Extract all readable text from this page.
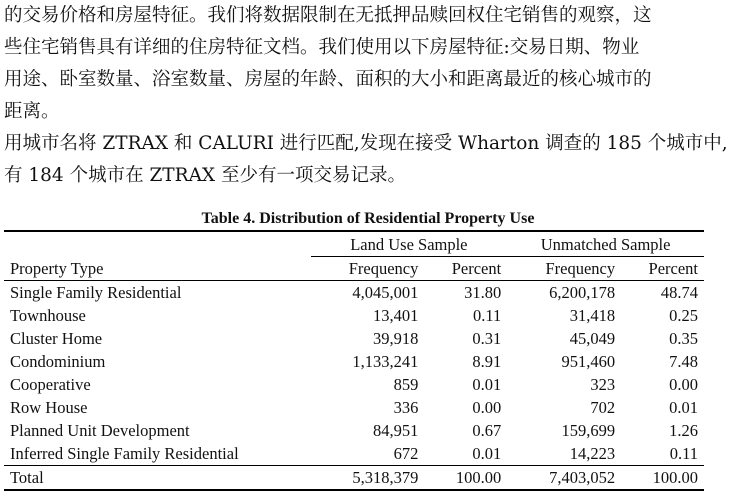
的交易价格和房屋特征。我们将数据限制在无抵押品赎回权住宅销售的观察，这
些住宅销售具有详细的住房特征文档。我们使用以下房屋特征:交易日期、物业
用途、卧室数量、浴室数量、房屋的年龄、面积的大小和距离最近的核心城市的
距离。
用城市名将 ZTRAX 和 CALURI 进行匹配,发现在接受 Wharton 调查的 185 个城市中,
有 184 个城市在 ZTRAX 至少有一项交易记录。
Table 4. Distribution of Residential Property Use
	Land Use Sample		Unmatched Sample	
Property Type	Frequency	Percent	Frequency	Percent
Single Family Residential	4,045,001	31.80	6,200,178	48.74
Townhouse	13,401	0.11	31,418	0.25
Cluster Home	39,918	0.31	45,049	0.35
Condominium	1,133,241	8.91	951,460	7.48
Cooperative	859	0.01	323	0.00
Row House	336	0.00	702	0.01
Planned Unit Development	84,951	0.67	159,699	1.26
Inferred Single Family Residential	672	0.01	14,223	0.11
Total	5,318,379	100.00	7,403,052	100.00
